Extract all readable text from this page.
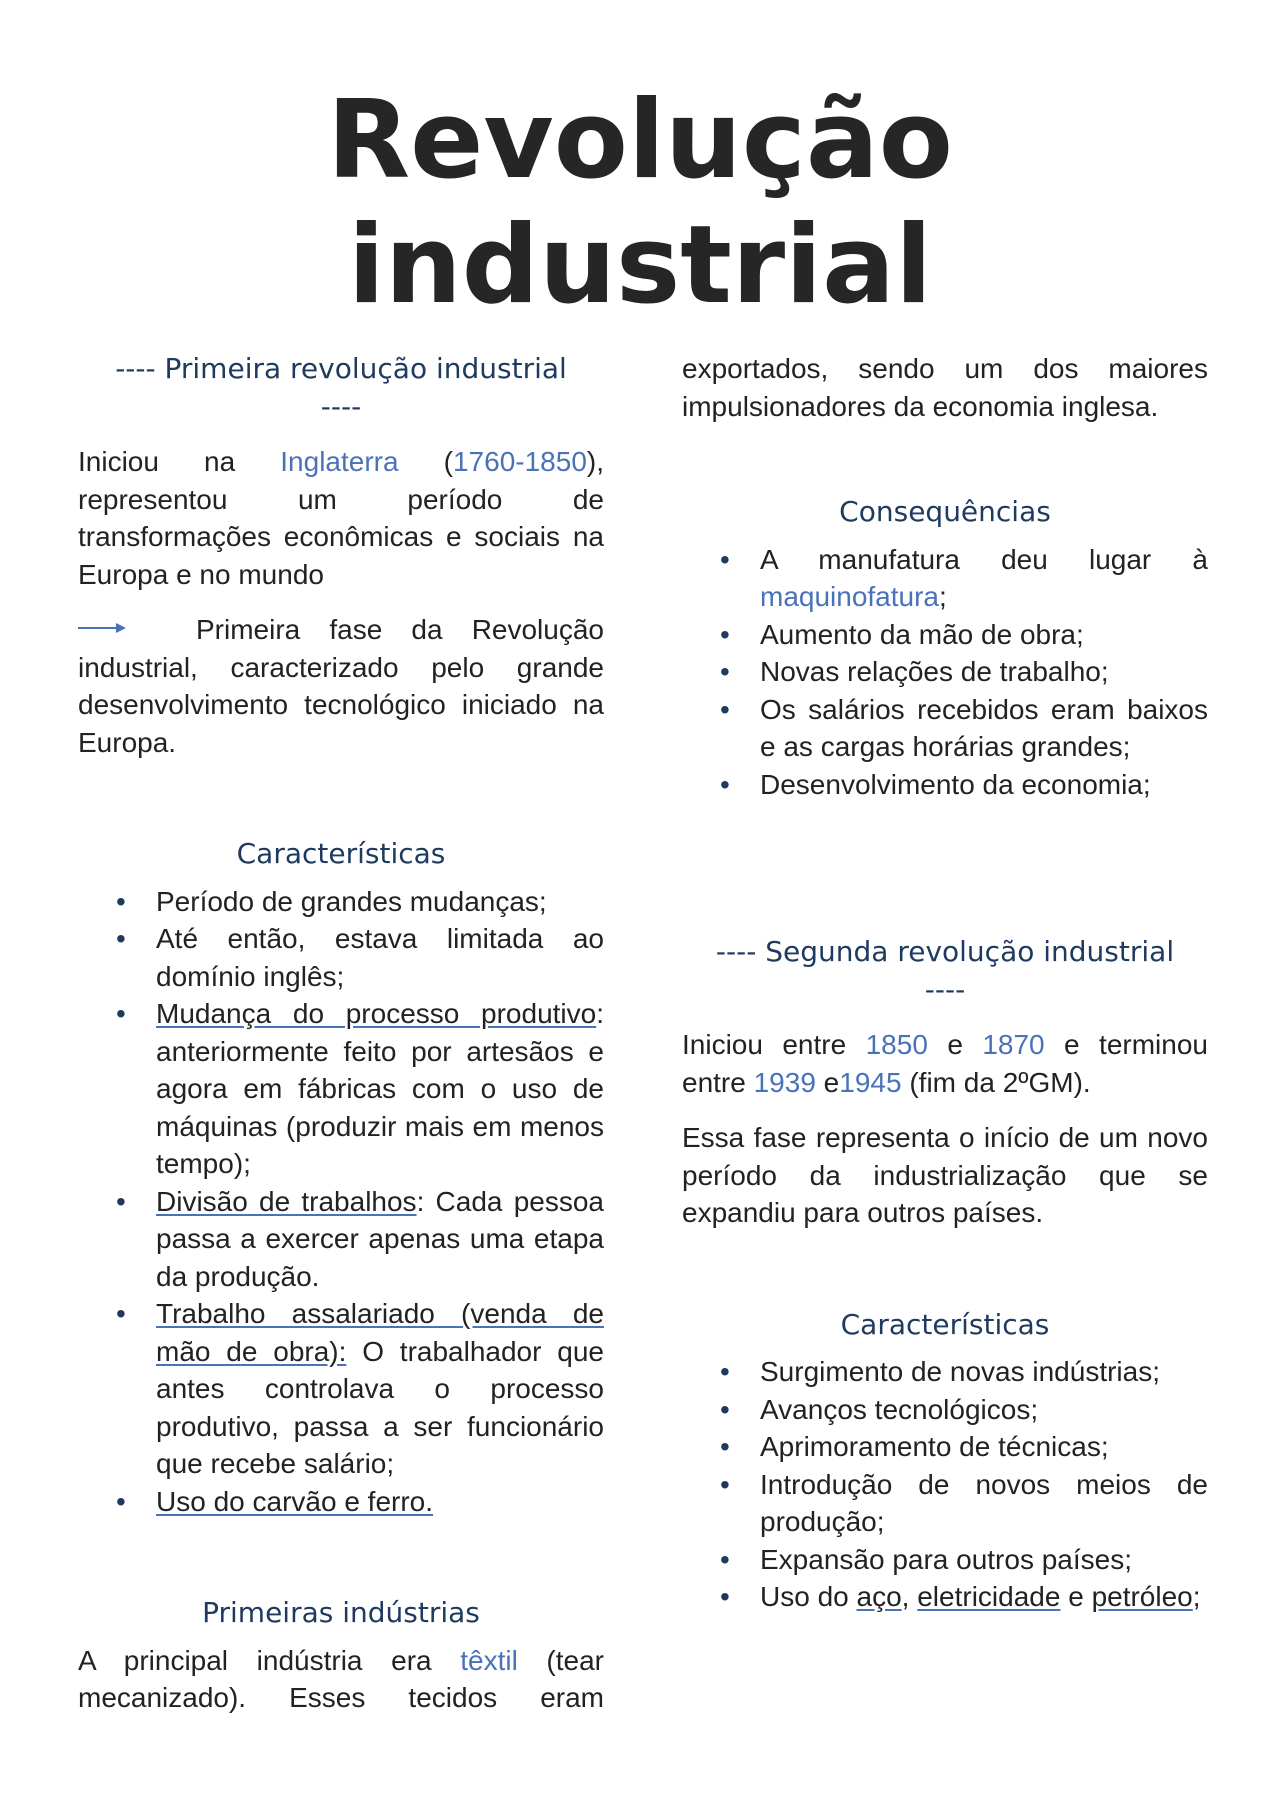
Revolução
industrial
---- Primeira revolução industrial
----

Iniciou na Inglaterra (1760-1850), representou um período de transformações econômicas e sociais na Europa e no mundo

Primeira fase da Revolução industrial, caracterizado pelo grande desenvolvimento tecnológico iniciado na Europa.

Características
• Período de grandes mudanças;
• Até então, estava limitada ao domínio inglês;
• Mudança do processo produtivo: anteriormente feito por artesãos e agora em fábricas com o uso de máquinas (produzir mais em menos tempo);
• Divisão de trabalhos: Cada pessoa passa a exercer apenas uma etapa da produção.
• Trabalho assalariado (venda de mão de obra): O trabalhador que antes controlava o processo produtivo, passa a ser funcionário que recebe salário;
• Uso do carvão e ferro.
Primeiras indústrias

A principal indústria era têxtil (tear mecanizado). Esses tecidos eram

exportados, sendo um dos maiores impulsionadores da economia inglesa.

Consequências
• A manufatura deu lugar à maquinofatura;
• Aumento da mão de obra;
• Novas relações de trabalho;
• Os salários recebidos eram baixos e as cargas horárias grandes;
• Desenvolvimento da economia;
---- Segunda revolução industrial
----

Iniciou entre 1850 e 1870 e terminou entre 1939 e1945 (fim da 2ºGM).

Essa fase representa o início de um novo período da industrialização que se expandiu para outros países.

Características
• Surgimento de novas indústrias;
• Avanços tecnológicos;
• Aprimoramento de técnicas;
• Introdução de novos meios de produção;
• Expansão para outros países;
• Uso do aço, eletricidade e petróleo;
